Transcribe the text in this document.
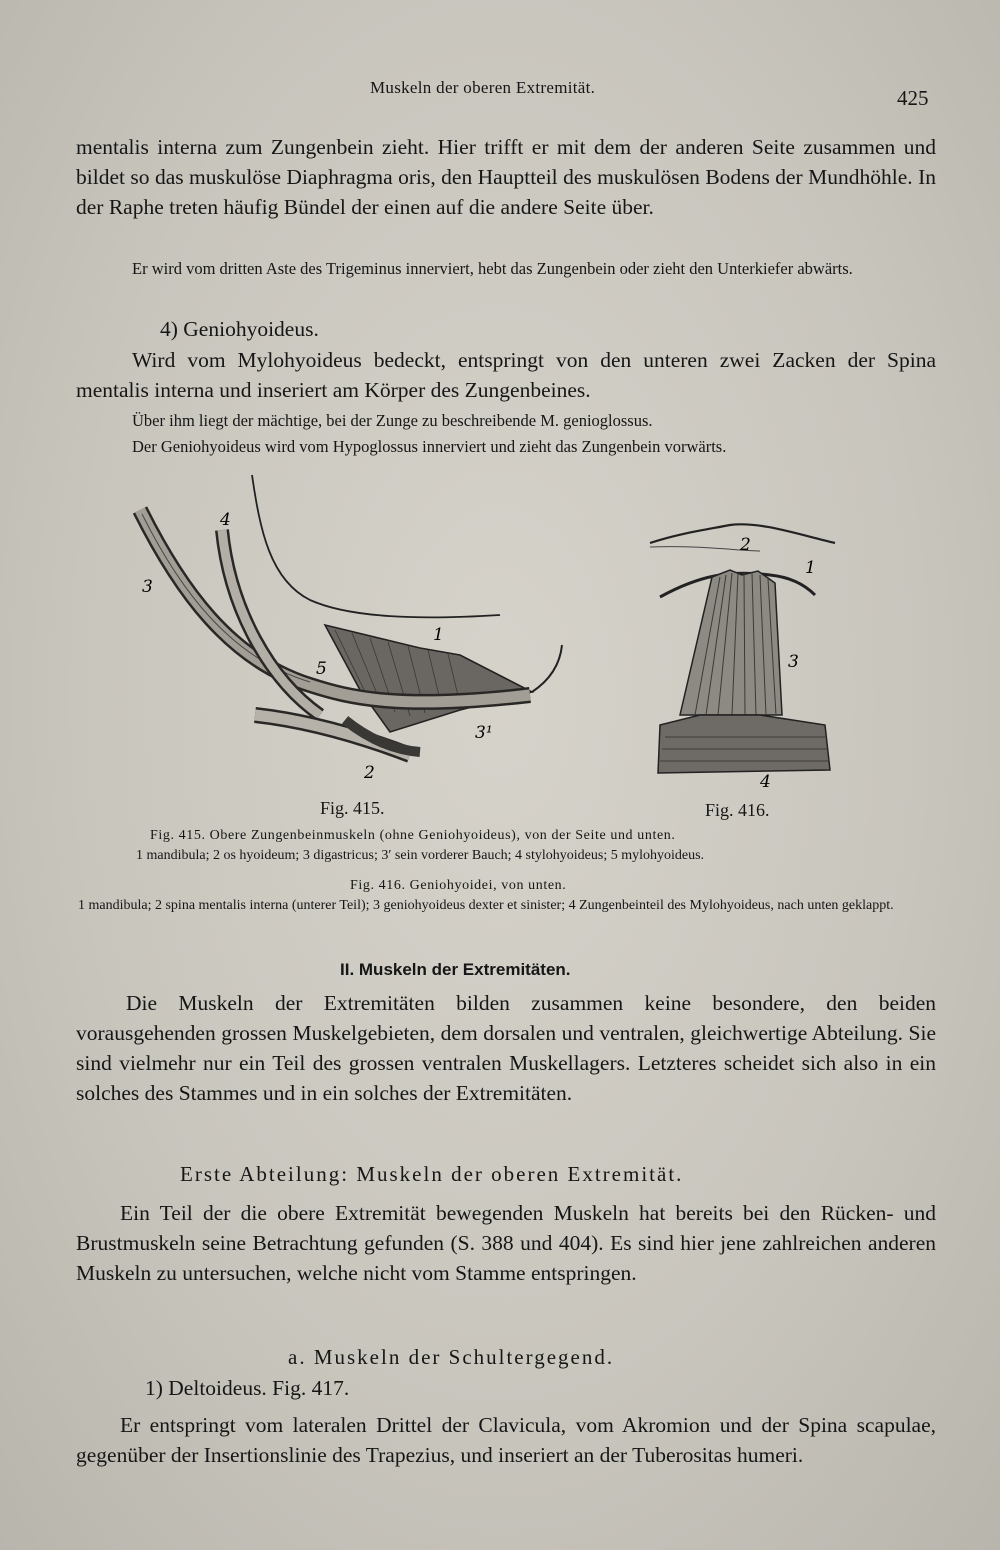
Muskeln der oberen Extremität.	425
mentalis interna zum Zungenbein zieht. Hier trifft er mit dem der anderen Seite zusammen und bildet so das muskulöse Diaphragma oris, den Hauptteil des muskulösen Bodens der Mundhöhle. In der Raphe treten häufig Bündel der einen auf die andere Seite über.
Er wird vom dritten Aste des Trigeminus innerviert, hebt das Zungenbein oder zieht den Unterkiefer abwärts.
4) Geniohyoideus.
Wird vom Mylohyoideus bedeckt, entspringt von den unteren zwei Zacken der Spina mentalis interna und inseriert am Körper des Zungenbeines.
Über ihm liegt der mächtige, bei der Zunge zu beschreibende M. genioglossus.
Der Geniohyoideus wird vom Hypoglossus innerviert und zieht das Zungenbein vorwärts.
4
3
1
5
3¹
2
Fig. 415.
2
1
3
4
Fig. 416.
Fig. 415. Obere Zungenbeinmuskeln (ohne Geniohyoideus), von der Seite und unten.
1 mandibula; 2 os hyoideum; 3 digastricus; 3′ sein vorderer Bauch; 4 stylohyoideus; 5 mylohyoideus.
Fig. 416. Geniohyoidei, von unten.
1 mandibula; 2 spina mentalis interna (unterer Teil); 3 geniohyoideus dexter et sinister; 4 Zungenbeinteil des Mylohyoideus, nach unten geklappt.
II. Muskeln der Extremitäten.
Die Muskeln der Extremitäten bilden zusammen keine besondere, den beiden vorausgehenden grossen Muskelgebieten, dem dorsalen und ventralen, gleichwertige Abteilung. Sie sind vielmehr nur ein Teil des grossen ventralen Muskellagers. Letzteres scheidet sich also in ein solches des Stammes und in ein solches der Extremitäten.
Erste Abteilung: Muskeln der oberen Extremität.
Ein Teil der die obere Extremität bewegenden Muskeln hat bereits bei den Rücken- und Brustmuskeln seine Betrachtung gefunden (S. 388 und 404). Es sind hier jene zahlreichen anderen Muskeln zu untersuchen, welche nicht vom Stamme entspringen.
a. Muskeln der Schultergegend.
1) Deltoideus. Fig. 417.
Er entspringt vom lateralen Drittel der Clavicula, vom Akromion und der Spina scapulae, gegenüber der Insertionslinie des Trapezius, und inseriert an der Tuberositas humeri.
